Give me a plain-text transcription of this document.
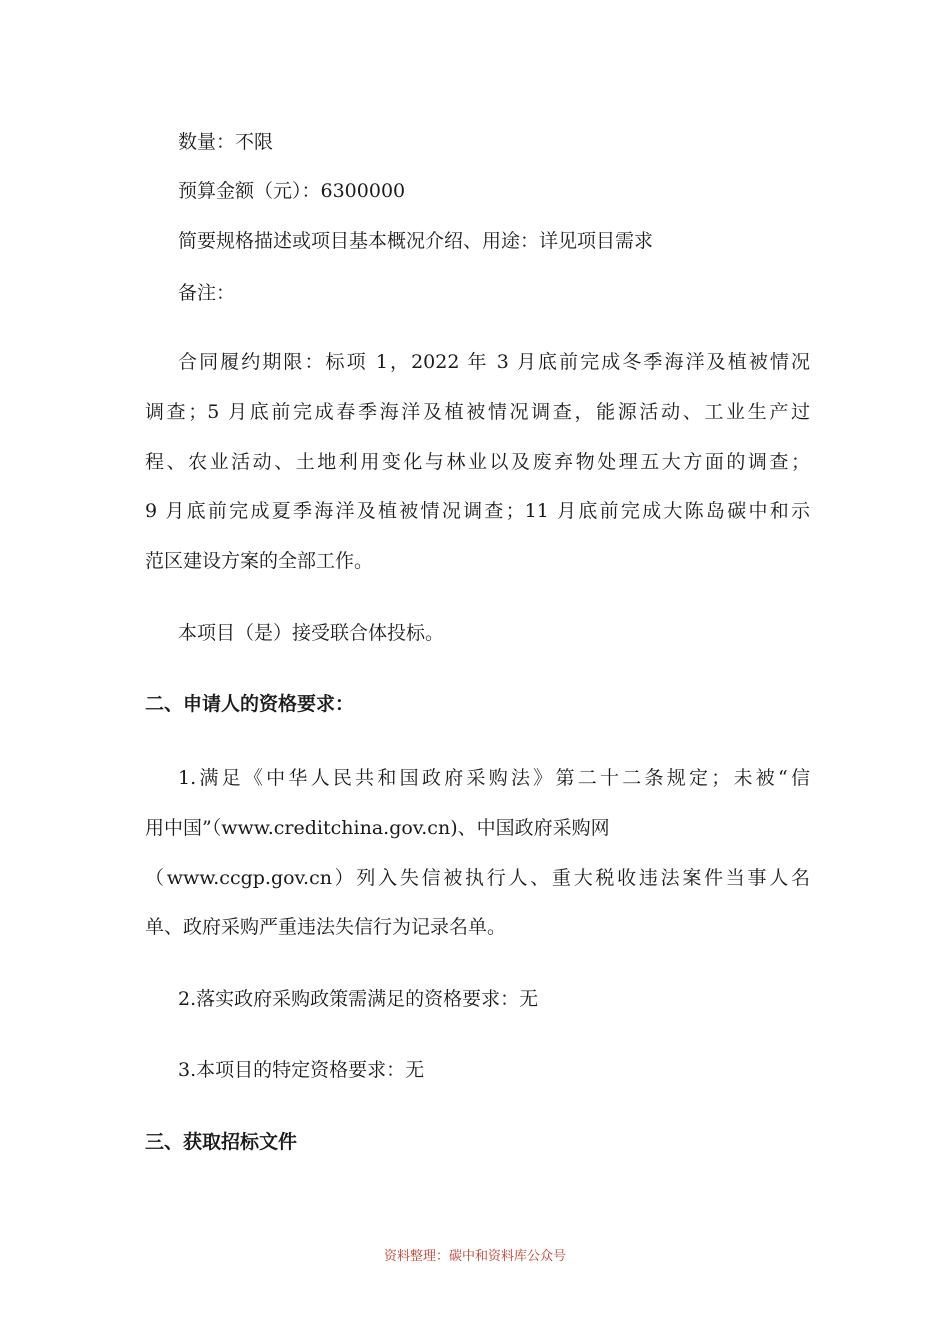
数量：不限

预算金额（元）：6300000

简要规格描述或项目基本概况介绍、用途：详见项目需求

备注：

合同履约期限：标项 1，2022 年 3 月底前完成冬季海洋及植被情况

调查；5 月底前完成春季海洋及植被情况调查，能源活动、工业生产过

程、农业活动、土地利用变化与林业以及废弃物处理五大方面的调查；

9 月底前完成夏季海洋及植被情况调查；11 月底前完成大陈岛碳中和示

范区建设方案的全部工作。

本项目（是）接受联合体投标。

二、申请人的资格要求：

1.满足《中华人民共和国政府采购法》第二十二条规定；未被“信

用中国”（www.creditchina.gov.cn)、中国政府采购网

（www.ccgp.gov.cn）列入失信被执行人、重大税收违法案件当事人名

单、政府采购严重违法失信行为记录名单。

2.落实政府采购政策需满足的资格要求：无

3.本项目的特定资格要求：无

三、获取招标文件

资料整理：碳中和资料库公众号
